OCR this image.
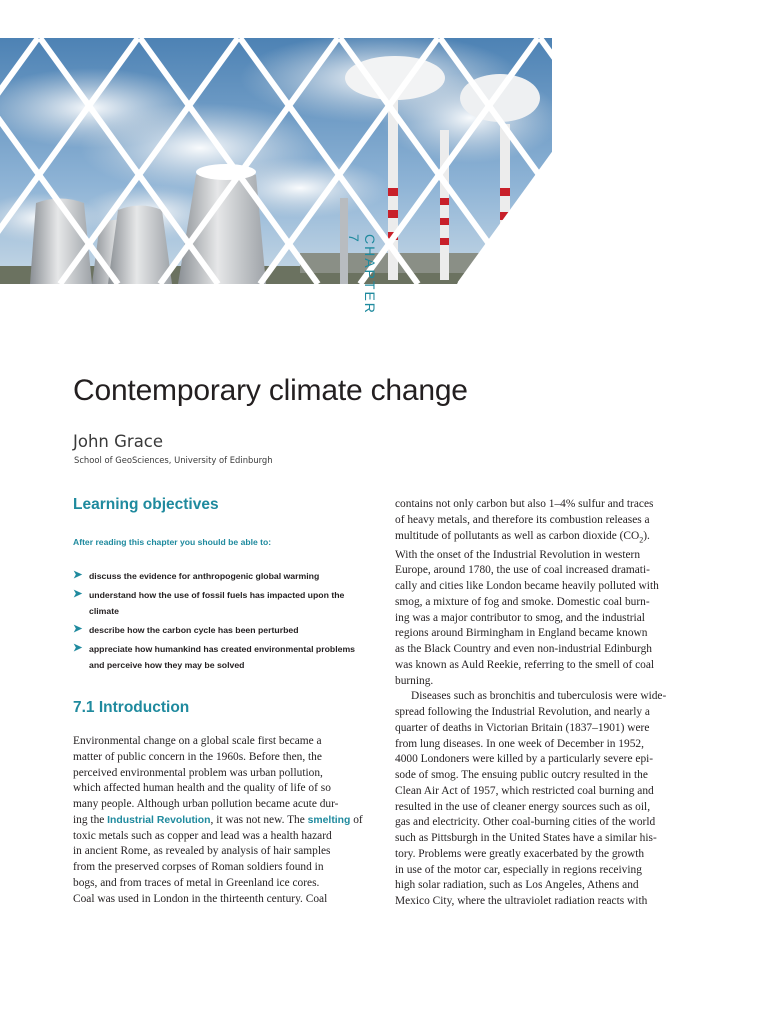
CHAPTER 7
Contemporary climate change
John Grace
School of GeoSciences, University of Edinburgh
Learning objectives
After reading this chapter you should be able to:
➤ discuss the evidence for anthropogenic global warming
➤ understand how the use of fossil fuels has impacted upon the
climate
➤ describe how the carbon cycle has been perturbed
➤ appreciate how humankind has created environmental problems
and perceive how they may be solved
7.1 Introduction
Environmental change on a global scale first became a
matter of public concern in the 1960s. Before then, the
perceived environmental problem was urban pollution,
which affected human health and the quality of life of so
many people. Although urban pollution became acute dur-
ing the Industrial Revolution, it was not new. The smelting of
toxic metals such as copper and lead was a health hazard
in ancient Rome, as revealed by analysis of hair samples
from the preserved corpses of Roman soldiers found in
bogs, and from traces of metal in Greenland ice cores.
Coal was used in London in the thirteenth century. Coal
contains not only carbon but also 1–4% sulfur and traces
of heavy metals, and therefore its combustion releases a
multitude of pollutants as well as carbon dioxide $(CO_2)$.
With the onset of the Industrial Revolution in western
Europe, around 1780, the use of coal increased dramati-
cally and cities like London became heavily polluted with
smog, a mixture of fog and smoke. Domestic coal burn-
ing was a major contributor to smog, and the industrial
regions around Birmingham in England became known
as the Black Country and even non-industrial Edinburgh
was known as Auld Reekie, referring to the smell of coal
burning.
Diseases such as bronchitis and tuberculosis were wide-
spread following the Industrial Revolution, and nearly a
quarter of deaths in Victorian Britain (1837–1901) were
from lung diseases. In one week of December in 1952,
4000 Londoners were killed by a particularly severe epi-
sode of smog. The ensuing public outcry resulted in the
Clean Air Act of 1957, which restricted coal burning and
resulted in the use of cleaner energy sources such as oil,
gas and electricity. Other coal-burning cities of the world
such as Pittsburgh in the United States have a similar his-
tory. Problems were greatly exacerbated by the growth
in use of the motor car, especially in regions receiving
high solar radiation, such as Los Angeles, Athens and
Mexico City, where the ultraviolet radiation reacts with
